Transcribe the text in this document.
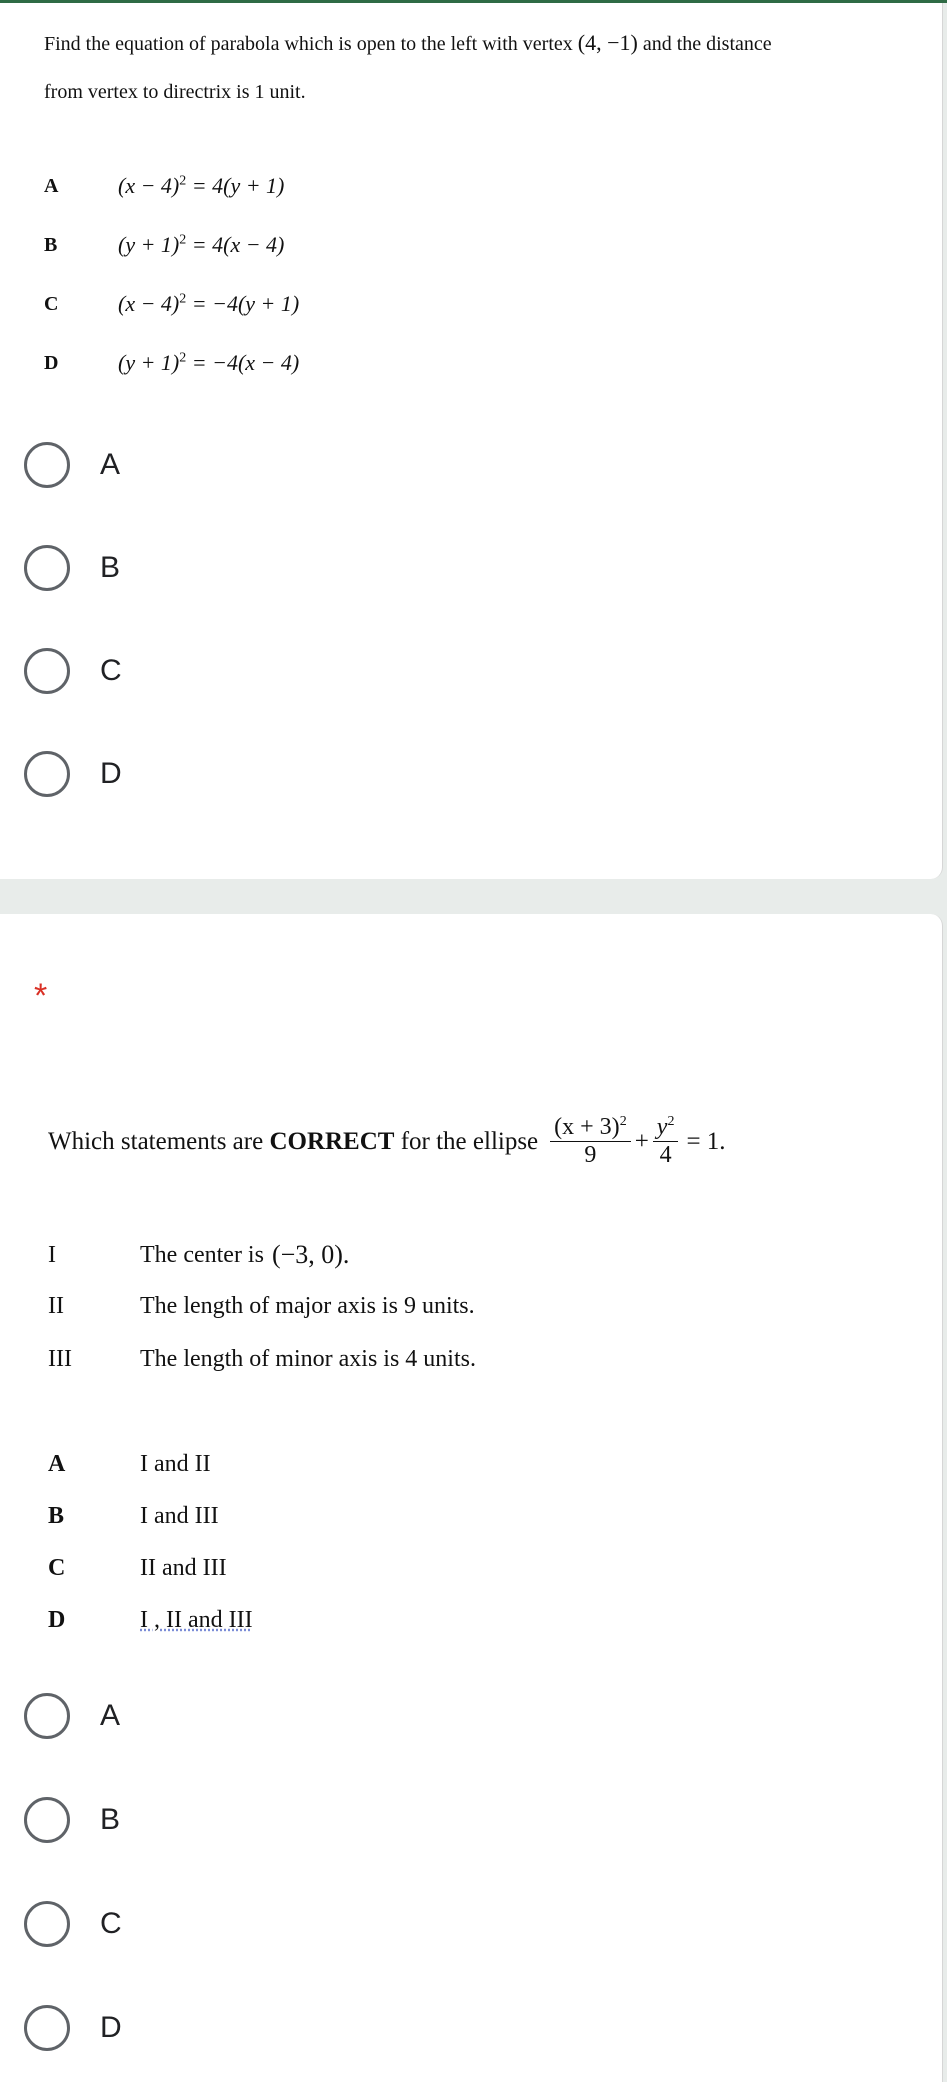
Find the equation of parabola which is open to the left with vertex (4, −1) and the distance
from vertex to directrix is 1 unit.
A	$(x - 4)^2 = 4(y + 1)$
B	$(y + 1)^2 = 4(x - 4)$
C	$(x - 4)^2 = -4(y + 1)$
D	$(y + 1)^2 = -4(x - 4)$
A
B
C
D
*
Which statements are CORRECT for the ellipse $\frac{(x + 3)^2}{9} + \frac{y^2}{4} = 1$.
I	The center is (−3, 0).
II	The length of major axis is 9 units.
III	The length of minor axis is 4 units.
A	I and II
B	I and III
C	II and III
D	I , II and III
A
B
C
D
